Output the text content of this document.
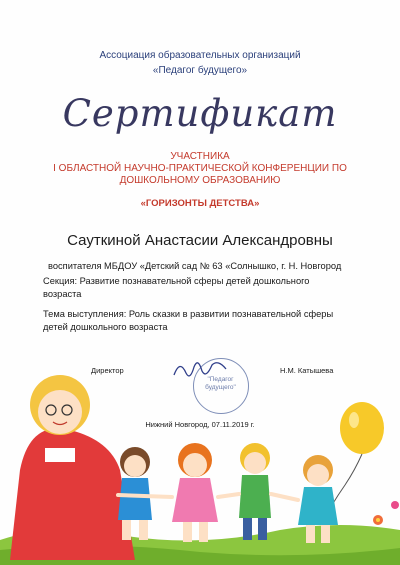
Ассоциация образовательных организаций
«Педагог будущего»
Сертификат
УЧАСТНИКА
I ОБЛАСТНОЙ НАУЧНО-ПРАКТИЧЕСКОЙ КОНФЕРЕНЦИИ ПО
ДОШКОЛЬНОМУ ОБРАЗОВАНИЮ
«ГОРИЗОНТЫ ДЕТСТВА»
Сауткиной Анастасии Александровны
воспитателя МБДОУ «Детский сад № 63 «Солнышко, г. Н. Новгород
Секция: Развитие познавательной сферы детей дошкольного
возраста
Тема выступления: Роль сказки в развитии познавательной сферы
детей дошкольного возраста
Директор
"Педагог
будущего"
Н.М. Катышева
Нижний Новгород, 07.11.2019 г.
